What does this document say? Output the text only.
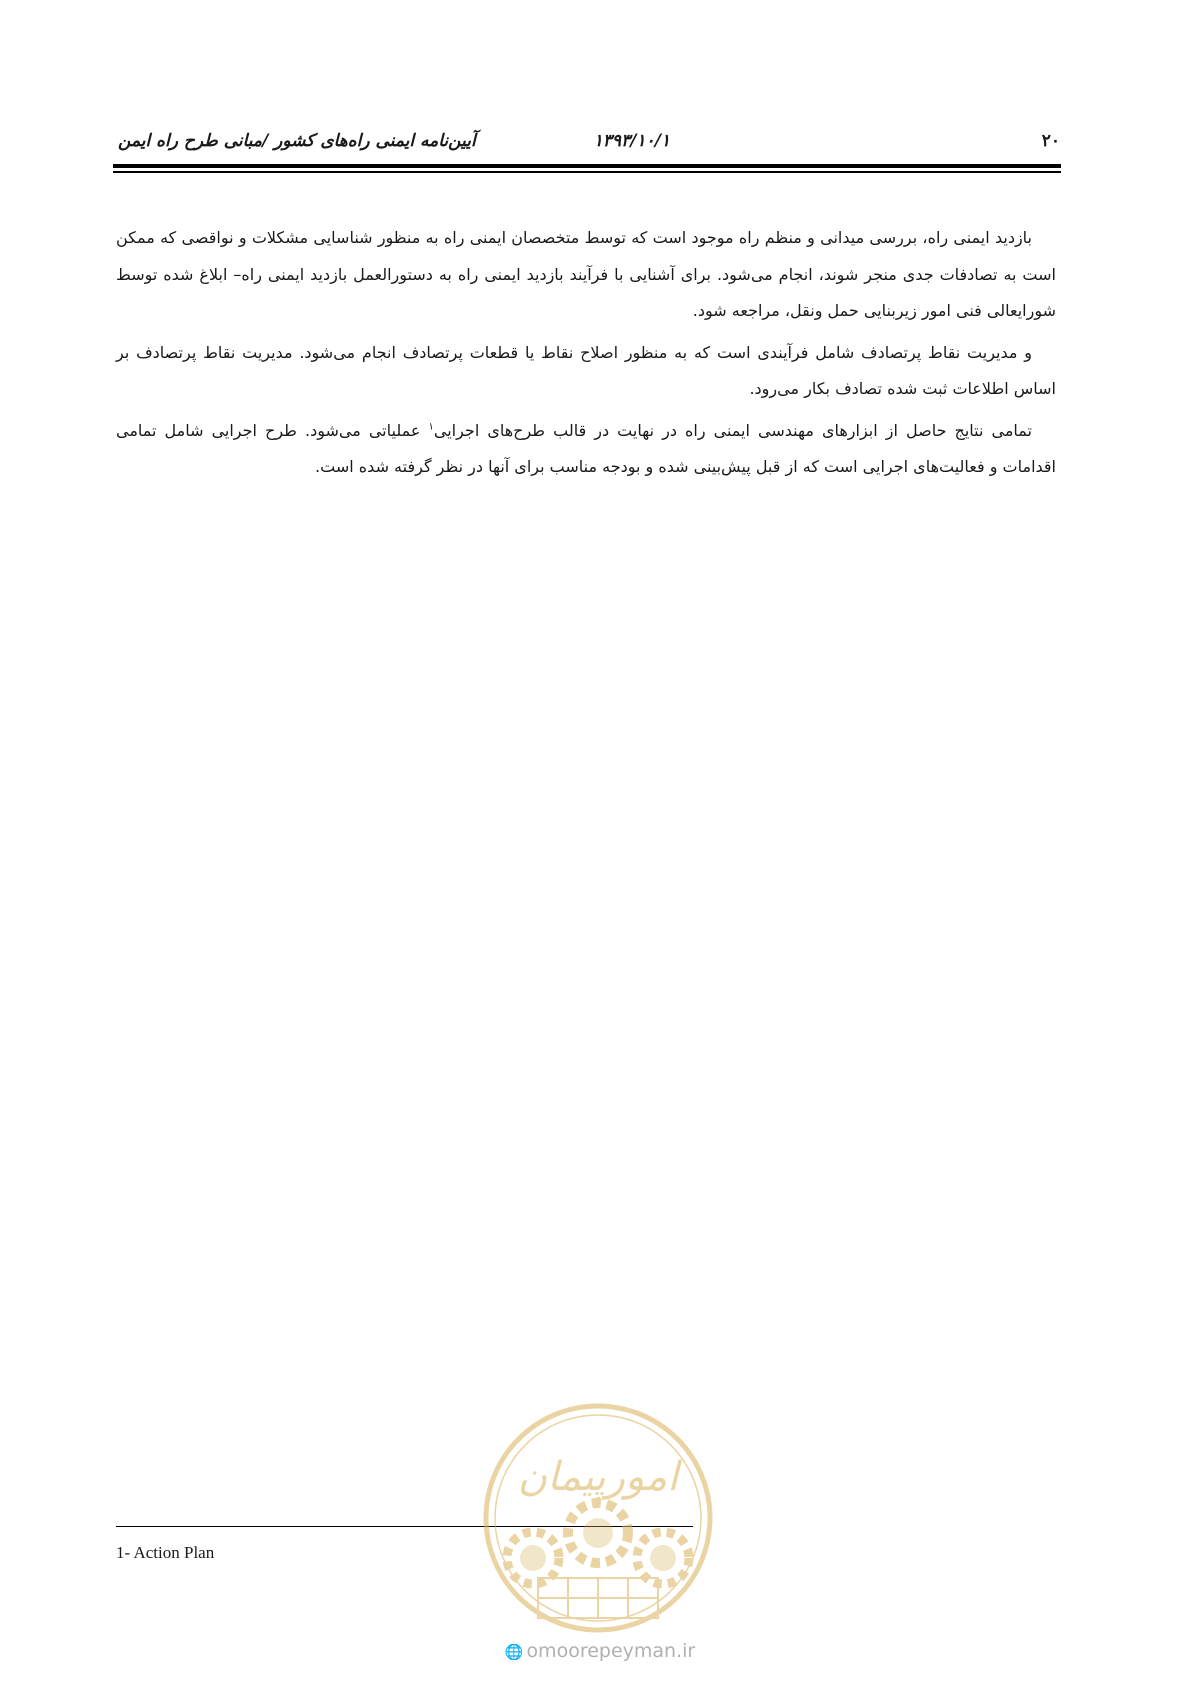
۲۰
۱۳۹۳/۱۰/۱
آیین‌نامه ایمنی راه‌های کشور /مبانی طرح راه ایمن

بازدید ایمنی راه، بررسی میدانی و منظم راه موجود است که توسط متخصصان ایمنی راه به منظور شناسایی مشکلات و نواقصی که ممکن است به تصادفات جدی منجر شوند، انجام می‌شود. برای آشنایی با فرآیند بازدید ایمنی راه به دستورالعمل بازدید ایمنی راه– ابلاغ شده توسط شورایعالی فنی امور زیربنایی حمل ونقل، مراجعه شود.

و مدیریت نقاط پرتصادف شامل فرآیندی است که به منظور اصلاح نقاط یا قطعات پرتصادف انجام می‌شود. مدیریت نقاط پرتصادف بر اساس اطلاعات ثبت شده تصادف بکار می‌رود.

تمامی نتایج حاصل از ابزارهای مهندسی ایمنی راه در نهایت در قالب طرح‌های اجرایی$^۱$ عملیاتی می‌شود. طرح اجرایی شامل تمامی اقدامات و فعالیت‌های اجرایی است که از قبل پیش‌بینی شده و بودجه مناسب برای آنها در نظر گرفته شده است.

1- Action Plan
امورپیمان
🌐 omoorepeyman.ir
